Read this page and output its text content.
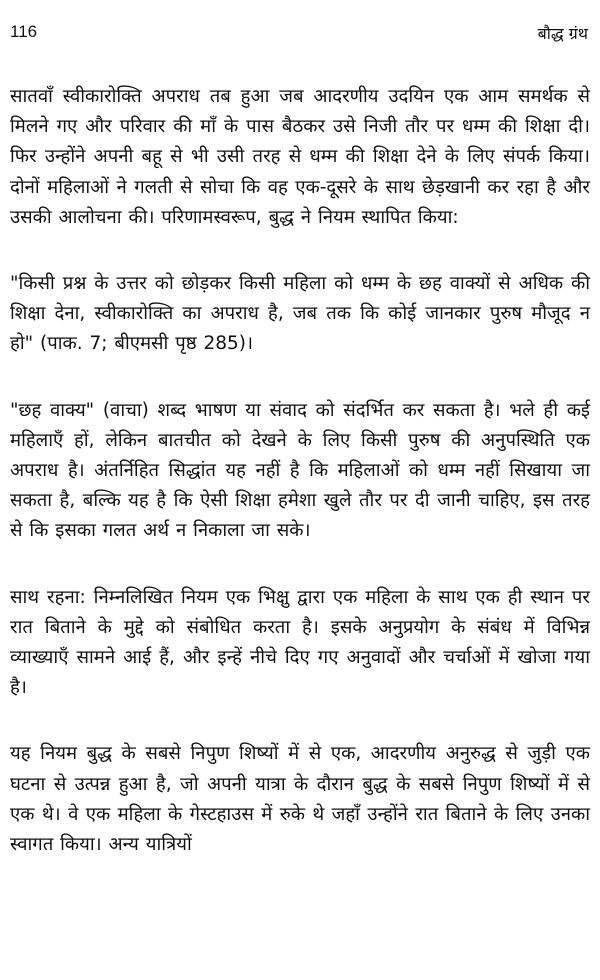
116	बौद्ध ग्रंथ

सातवाँ स्वीकारोक्ति अपराध तब हुआ जब आदरणीय उदयिन एक आम समर्थक से मिलने गए और परिवार की माँ के पास बैठकर उसे निजी तौर पर धम्म की शिक्षा दी। फिर उन्होंने अपनी बहू से भी उसी तरह से धम्म की शिक्षा देने के लिए संपर्क किया। दोनों महिलाओं ने गलती से सोचा कि वह एक-दूसरे के साथ छेड़खानी कर रहा है और उसकी आलोचना की। परिणामस्वरूप, बुद्ध ने नियम स्थापित किया:

"किसी प्रश्न के उत्तर को छोड़कर किसी महिला को धम्म के छह वाक्यों से अधिक की शिक्षा देना, स्वीकारोक्ति का अपराध है, जब तक कि कोई जानकार पुरुष मौजूद न हो" (पाक. 7; बीएमसी पृष्ठ 285)।

"छह वाक्य" (वाचा) शब्द भाषण या संवाद को संदर्भित कर सकता है। भले ही कई महिलाएँ हों, लेकिन बातचीत को देखने के लिए किसी पुरुष की अनुपस्थिति एक अपराध है। अंतर्निहित सिद्धांत यह नहीं है कि महिलाओं को धम्म नहीं सिखाया जा सकता है, बल्कि यह है कि ऐसी शिक्षा हमेशा खुले तौर पर दी जानी चाहिए, इस तरह से कि इसका गलत अर्थ न निकाला जा सके।

साथ रहना: निम्नलिखित नियम एक भिक्षु द्वारा एक महिला के साथ एक ही स्थान पर रात बिताने के मुद्दे को संबोधित करता है। इसके अनुप्रयोग के संबंध में विभिन्न व्याख्याएँ सामने आई हैं, और इन्हें नीचे दिए गए अनुवादों और चर्चाओं में खोजा गया है।

यह नियम बुद्ध के सबसे निपुण शिष्यों में से एक, आदरणीय अनुरुद्ध से जुड़ी एक घटना से उत्पन्न हुआ है, जो अपनी यात्रा के दौरान बुद्ध के सबसे निपुण शिष्यों में से एक थे। वे एक महिला के गेस्टहाउस में रुके थे जहाँ उन्होंने रात बिताने के लिए उनका स्वागत किया। अन्य यात्रियों
